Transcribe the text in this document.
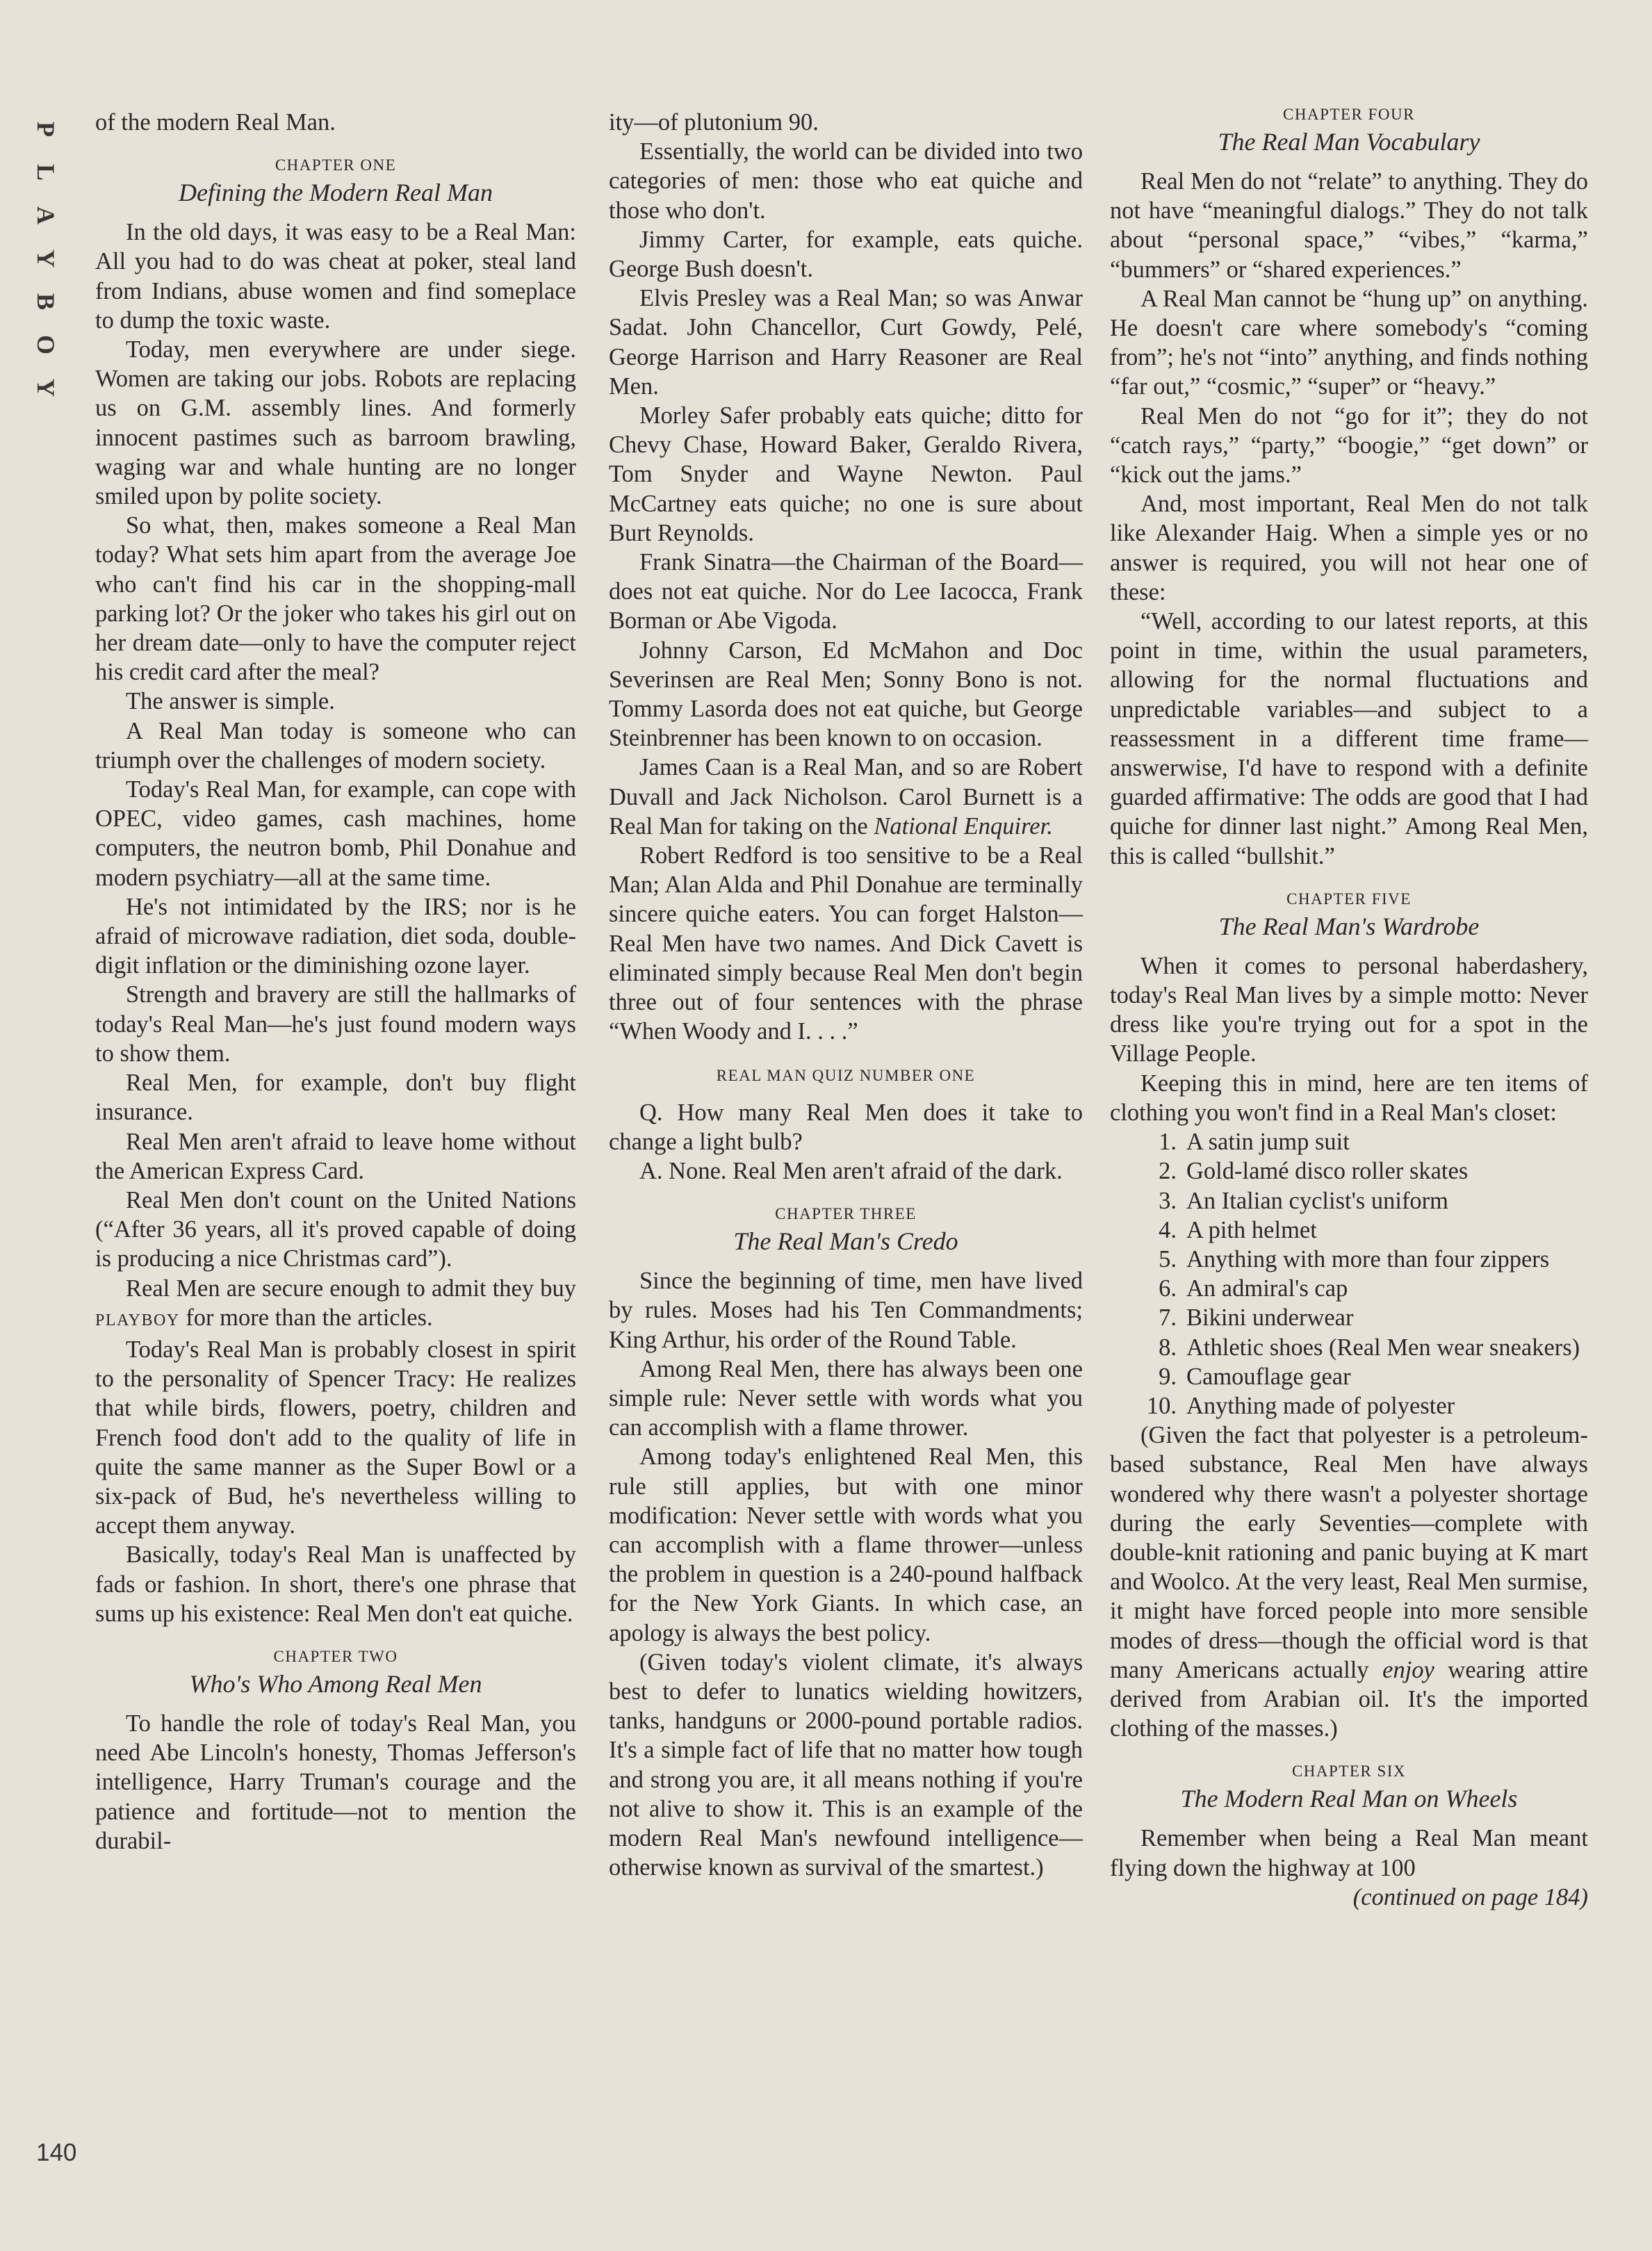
P
L
A
Y
B
O
Y
140

of the modern Real Man.

CHAPTER ONE
Defining the Modern Real Man

In the old days, it was easy to be a Real Man: All you had to do was cheat at poker, steal land from Indians, abuse women and find someplace to dump the toxic waste.

Today, men everywhere are under siege. Women are taking our jobs. Robots are replacing us on G.M. assembly lines. And formerly innocent pastimes such as barroom brawling, waging war and whale hunting are no longer smiled upon by polite society.

So what, then, makes someone a Real Man today? What sets him apart from the average Joe who can't find his car in the shopping-mall parking lot? Or the joker who takes his girl out on her dream date—only to have the computer reject his credit card after the meal?

The answer is simple.

A Real Man today is someone who can triumph over the challenges of modern society.

Today's Real Man, for example, can cope with OPEC, video games, cash machines, home computers, the neutron bomb, Phil Donahue and modern psychiatry—all at the same time.

He's not intimidated by the IRS; nor is he afraid of microwave radiation, diet soda, double-digit inflation or the diminishing ozone layer.

Strength and bravery are still the hallmarks of today's Real Man—he's just found modern ways to show them.

Real Men, for example, don't buy flight insurance.

Real Men aren't afraid to leave home without the American Express Card.

Real Men don't count on the United Nations (“After 36 years, all it's proved capable of doing is producing a nice Christmas card”).

Real Men are secure enough to admit they buy PLAYBOY for more than the articles.

Today's Real Man is probably closest in spirit to the personality of Spencer Tracy: He realizes that while birds, flowers, poetry, children and French food don't add to the quality of life in quite the same manner as the Super Bowl or a six-pack of Bud, he's nevertheless willing to accept them anyway.

Basically, today's Real Man is unaffected by fads or fashion. In short, there's one phrase that sums up his existence: Real Men don't eat quiche.

CHAPTER TWO
Who's Who Among Real Men

To handle the role of today's Real Man, you need Abe Lincoln's honesty, Thomas Jefferson's intelligence, Harry Truman's courage and the patience and fortitude—not to mention the durabil-

ity—of plutonium 90.

Essentially, the world can be divided into two categories of men: those who eat quiche and those who don't.

Jimmy Carter, for example, eats quiche. George Bush doesn't.

Elvis Presley was a Real Man; so was Anwar Sadat. John Chancellor, Curt Gowdy, Pelé, George Harrison and Harry Reasoner are Real Men.

Morley Safer probably eats quiche; ditto for Chevy Chase, Howard Baker, Geraldo Rivera, Tom Snyder and Wayne Newton. Paul McCartney eats quiche; no one is sure about Burt Reynolds.

Frank Sinatra—the Chairman of the Board—does not eat quiche. Nor do Lee Iacocca, Frank Borman or Abe Vigoda.

Johnny Carson, Ed McMahon and Doc Severinsen are Real Men; Sonny Bono is not. Tommy Lasorda does not eat quiche, but George Steinbrenner has been known to on occasion.

James Caan is a Real Man, and so are Robert Duvall and Jack Nicholson. Carol Burnett is a Real Man for taking on the National Enquirer.

Robert Redford is too sensitive to be a Real Man; Alan Alda and Phil Donahue are terminally sincere quiche eaters. You can forget Halston—Real Men have two names. And Dick Cavett is eliminated simply because Real Men don't begin three out of four sentences with the phrase “When Woody and I. . . .”

REAL MAN QUIZ NUMBER ONE

Q. How many Real Men does it take to change a light bulb?

A. None. Real Men aren't afraid of the dark.

CHAPTER THREE
The Real Man's Credo

Since the beginning of time, men have lived by rules. Moses had his Ten Commandments; King Arthur, his order of the Round Table.

Among Real Men, there has always been one simple rule: Never settle with words what you can accomplish with a flame thrower.

Among today's enlightened Real Men, this rule still applies, but with one minor modification: Never settle with words what you can accomplish with a flame thrower—unless the problem in question is a 240-pound halfback for the New York Giants. In which case, an apology is always the best policy.

(Given today's violent climate, it's always best to defer to lunatics wielding howitzers, tanks, handguns or 2000-pound portable radios. It's a simple fact of life that no matter how tough and strong you are, it all means nothing if you're not alive to show it. This is an example of the modern Real Man's newfound intelligence—otherwise known as survival of the smartest.)

CHAPTER FOUR
The Real Man Vocabulary

Real Men do not “relate” to anything. They do not have “meaningful dialogs.” They do not talk about “personal space,” “vibes,” “karma,” “bummers” or “shared experiences.”

A Real Man cannot be “hung up” on anything. He doesn't care where somebody's “coming from”; he's not “into” anything, and finds nothing “far out,” “cosmic,” “super” or “heavy.”

Real Men do not “go for it”; they do not “catch rays,” “party,” “boogie,” “get down” or “kick out the jams.”

And, most important, Real Men do not talk like Alexander Haig. When a simple yes or no answer is required, you will not hear one of these:

“Well, according to our latest reports, at this point in time, within the usual parameters, allowing for the normal fluctuations and unpredictable variables—and subject to a reassessment in a different time frame—answerwise, I'd have to respond with a definite guarded affirmative: The odds are good that I had quiche for dinner last night.” Among Real Men, this is called “bullshit.”

CHAPTER FIVE
The Real Man's Wardrobe

When it comes to personal haberdashery, today's Real Man lives by a simple motto: Never dress like you're trying out for a spot in the Village People.

Keeping this in mind, here are ten items of clothing you won't find in a Real Man's closet:

1. A satin jump suit
2. Gold-lamé disco roller skates
3. An Italian cyclist's uniform
4. A pith helmet
5. Anything with more than four zippers
6. An admiral's cap
7. Bikini underwear
8. Athletic shoes (Real Men wear sneakers)
9. Camouflage gear
10. Anything made of polyester

(Given the fact that polyester is a petroleum-based substance, Real Men have always wondered why there wasn't a polyester shortage during the early Seventies—complete with double-knit rationing and panic buying at K mart and Woolco. At the very least, Real Men surmise, it might have forced people into more sensible modes of dress—though the official word is that many Americans actually enjoy wearing attire derived from Arabian oil. It's the imported clothing of the masses.)

CHAPTER SIX
The Modern Real Man on Wheels

Remember when being a Real Man meant flying down the highway at 100

(continued on page 184)
